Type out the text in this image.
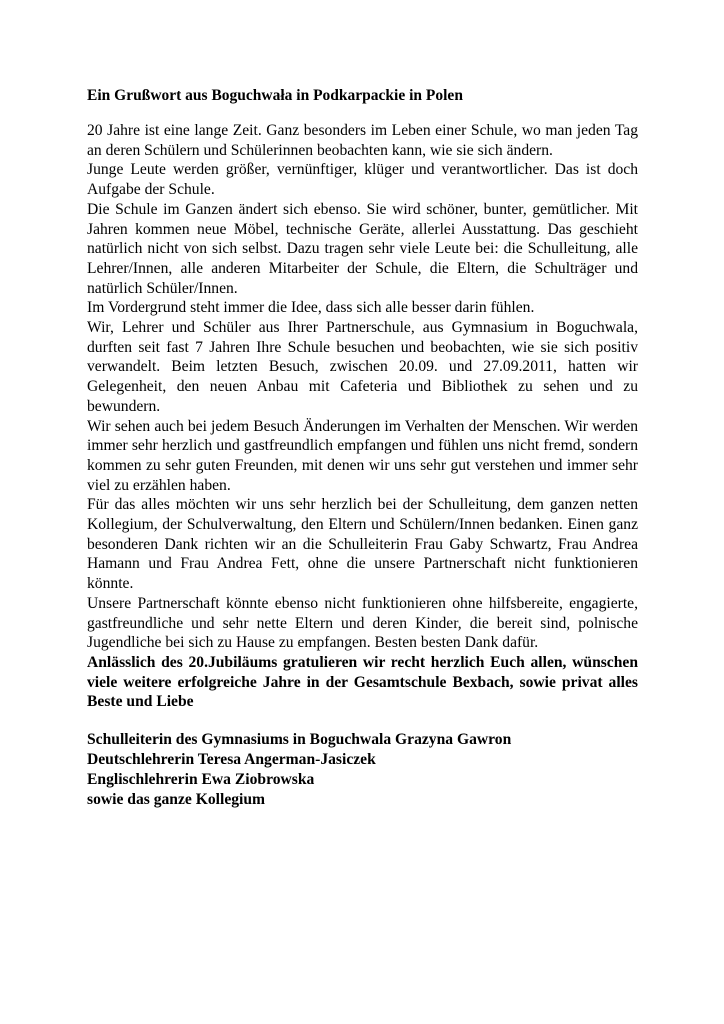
Ein Grußwort aus Boguchwała in Podkarpackie in Polen

20 Jahre ist eine lange Zeit. Ganz besonders im Leben einer Schule, wo man jeden Tag an deren Schülern und Schülerinnen beobachten kann, wie sie sich ändern.

Junge Leute werden größer, vernünftiger, klüger und verantwortlicher. Das ist doch Aufgabe der Schule.

Die Schule im Ganzen ändert sich ebenso. Sie wird schöner, bunter, gemütlicher. Mit Jahren kommen neue Möbel, technische Geräte, allerlei Ausstattung. Das geschieht natürlich nicht von sich selbst. Dazu tragen sehr viele Leute bei: die Schulleitung, alle Lehrer/Innen, alle anderen Mitarbeiter der Schule, die Eltern, die Schulträger und natürlich Schüler/Innen.

Im Vordergrund steht immer die Idee, dass sich alle besser darin fühlen.

Wir, Lehrer und Schüler aus Ihrer Partnerschule, aus Gymnasium in Boguchwala, durften seit fast 7 Jahren Ihre Schule besuchen und beobachten, wie sie sich positiv verwandelt. Beim letzten Besuch, zwischen 20.09. und 27.09.2011, hatten wir Gelegenheit, den neuen Anbau mit Cafeteria und Bibliothek zu sehen und zu bewundern.

Wir sehen auch bei jedem Besuch Änderungen im Verhalten der Menschen. Wir werden immer sehr herzlich und gastfreundlich empfangen und fühlen uns nicht fremd, sondern kommen zu sehr guten Freunden, mit denen wir uns sehr gut verstehen und immer sehr viel zu erzählen haben.

Für das alles möchten wir uns sehr herzlich bei der Schulleitung, dem ganzen netten Kollegium, der Schulverwaltung, den Eltern und Schülern/Innen bedanken. Einen ganz besonderen Dank richten wir an die Schulleiterin Frau Gaby Schwartz, Frau Andrea Hamann und Frau Andrea Fett, ohne die unsere Partnerschaft nicht funktionieren könnte.

Unsere Partnerschaft könnte ebenso nicht funktionieren ohne hilfsbereite, engagierte, gastfreundliche und sehr nette Eltern und deren Kinder, die bereit sind, polnische Jugendliche bei sich zu Hause zu empfangen. Besten besten Dank dafür.

Anlässlich des 20.Jubiläums gratulieren wir recht herzlich Euch allen, wünschen viele weitere erfolgreiche Jahre in der Gesamtschule Bexbach, sowie privat alles Beste und Liebe

Schulleiterin des Gymnasiums in Boguchwala Grazyna Gawron
Deutschlehrerin Teresa Angerman-Jasiczek
Englischlehrerin Ewa Ziobrowska
sowie das ganze Kollegium
